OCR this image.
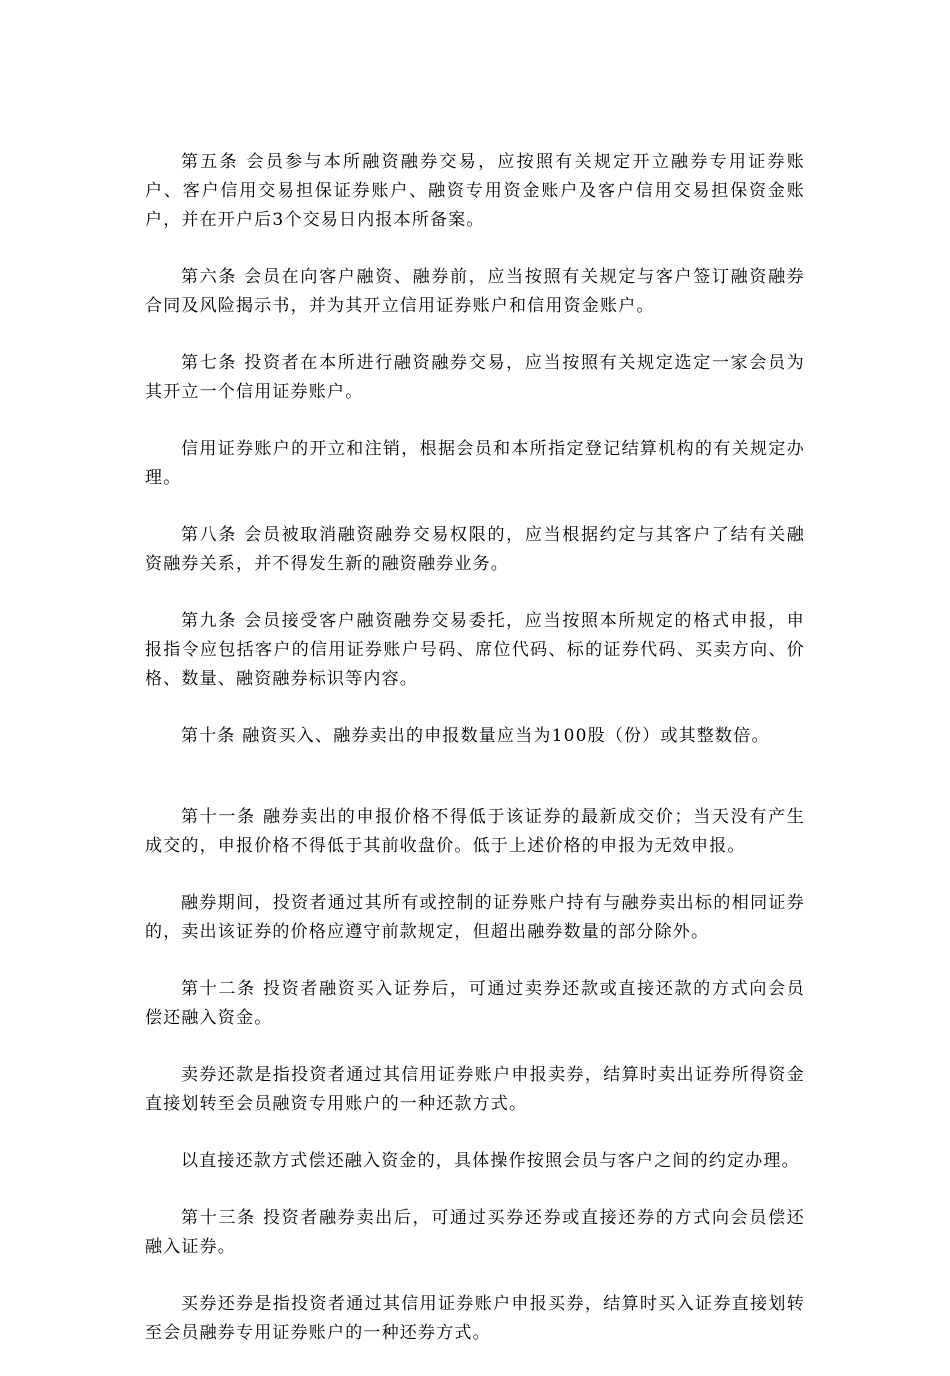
第五条 会员参与本所融资融券交易，应按照有关规定开立融券专用证券账户、客户信用交易担保证券账户、融资专用资金账户及客户信用交易担保资金账户，并在开户后3个交易日内报本所备案。

第六条 会员在向客户融资、融券前，应当按照有关规定与客户签订融资融券合同及风险揭示书，并为其开立信用证券账户和信用资金账户。

第七条 投资者在本所进行融资融券交易，应当按照有关规定选定一家会员为其开立一个信用证券账户。

信用证券账户的开立和注销，根据会员和本所指定登记结算机构的有关规定办理。

第八条 会员被取消融资融券交易权限的，应当根据约定与其客户了结有关融资融券关系，并不得发生新的融资融券业务。

第九条 会员接受客户融资融券交易委托，应当按照本所规定的格式申报，申报指令应包括客户的信用证券账户号码、席位代码、标的证券代码、买卖方向、价格、数量、融资融券标识等内容。

第十条 融资买入、融券卖出的申报数量应当为100股（份）或其整数倍。

第十一条 融券卖出的申报价格不得低于该证券的最新成交价；当天没有产生成交的，申报价格不得低于其前收盘价。低于上述价格的申报为无效申报。

融券期间，投资者通过其所有或控制的证券账户持有与融券卖出标的相同证券的，卖出该证券的价格应遵守前款规定，但超出融券数量的部分除外。

第十二条 投资者融资买入证券后，可通过卖券还款或直接还款的方式向会员偿还融入资金。

卖券还款是指投资者通过其信用证券账户申报卖券，结算时卖出证券所得资金直接划转至会员融资专用账户的一种还款方式。

以直接还款方式偿还融入资金的，具体操作按照会员与客户之间的约定办理。

第十三条 投资者融券卖出后，可通过买券还券或直接还券的方式向会员偿还融入证券。

买券还券是指投资者通过其信用证券账户申报买券，结算时买入证券直接划转至会员融券专用证券账户的一种还券方式。
